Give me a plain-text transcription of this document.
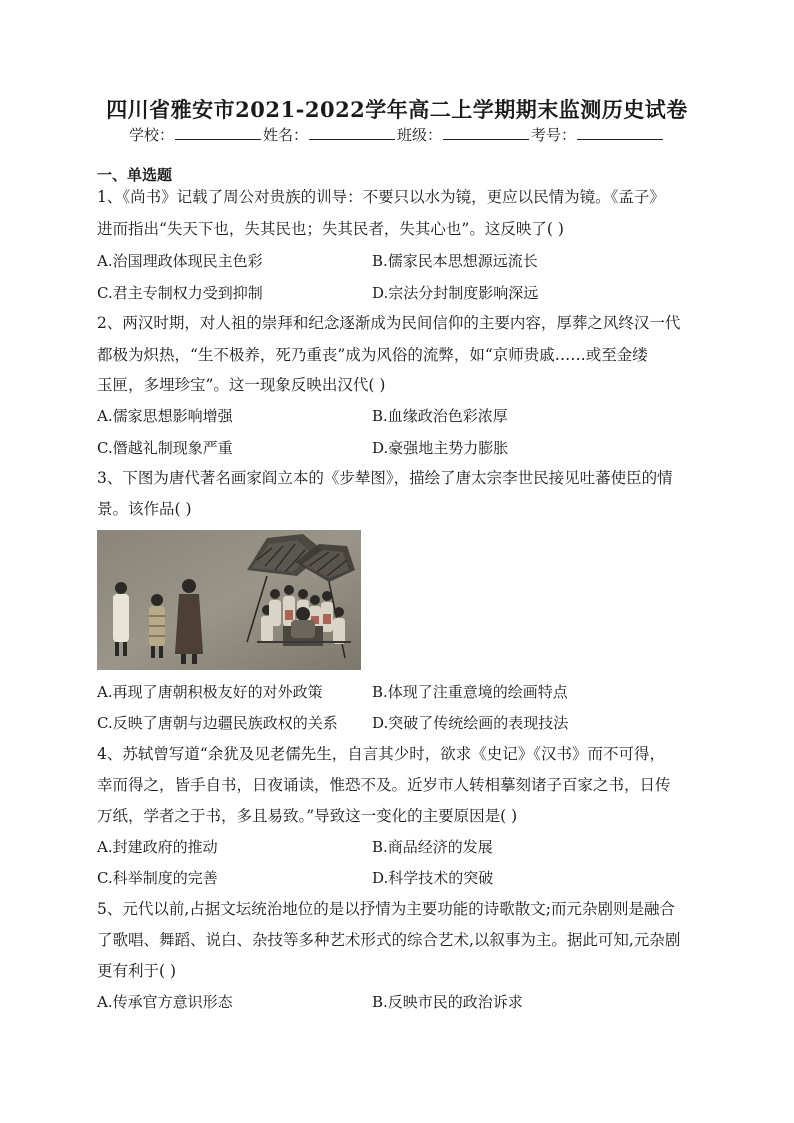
四川省雅安市2021-2022学年高二上学期期末监测历史试卷
学校：	姓名：	班级：	考号：
一、单选题
1、《尚书》记载了周公对贵族的训导：不要只以水为镜，更应以民情为镜。《孟子》
进而指出“失天下也，失其民也；失其民者，失其心也”。这反映了( )
A.治国理政体现民主色彩	B.儒家民本思想源远流长
C.君主专制权力受到抑制	D.宗法分封制度影响深远
2、两汉时期，对人祖的崇拜和纪念逐渐成为民间信仰的主要内容，厚葬之风终汉一代
都极为炽热，“生不极养，死乃重丧”成为风俗的流弊，如“京师贵戚……或至金缕
玉匣，多埋珍宝”。这一现象反映出汉代( )
A.儒家思想影响增强	B.血缘政治色彩浓厚
C.僭越礼制现象严重	D.豪强地主势力膨胀
3、下图为唐代著名画家阎立本的《步辇图》，描绘了唐太宗李世民接见吐蕃使臣的情
景。该作品( )
A.再现了唐朝积极友好的对外政策	B.体现了注重意境的绘画特点
C.反映了唐朝与边疆民族政权的关系 D.突破了传统绘画的表现技法
4、苏轼曾写道“余犹及见老儒先生，自言其少时，欲求《史记》《汉书》而不可得，
幸而得之，皆手自书，日夜诵读，惟恐不及。近岁市人转相摹刻诸子百家之书，日传
万纸，学者之于书，多且易致。”导致这一变化的主要原因是( )
A.封建政府的推动	B.商品经济的发展
C.科举制度的完善	D.科学技术的突破
5、元代以前,占据文坛统治地位的是以抒情为主要功能的诗歌散文;而元杂剧则是融合
了歌唱、舞蹈、说白、杂技等多种艺术形式的综合艺术,以叙事为主。据此可知,元杂剧
更有利于( )
A.传承官方意识形态	B.反映市民的政治诉求
